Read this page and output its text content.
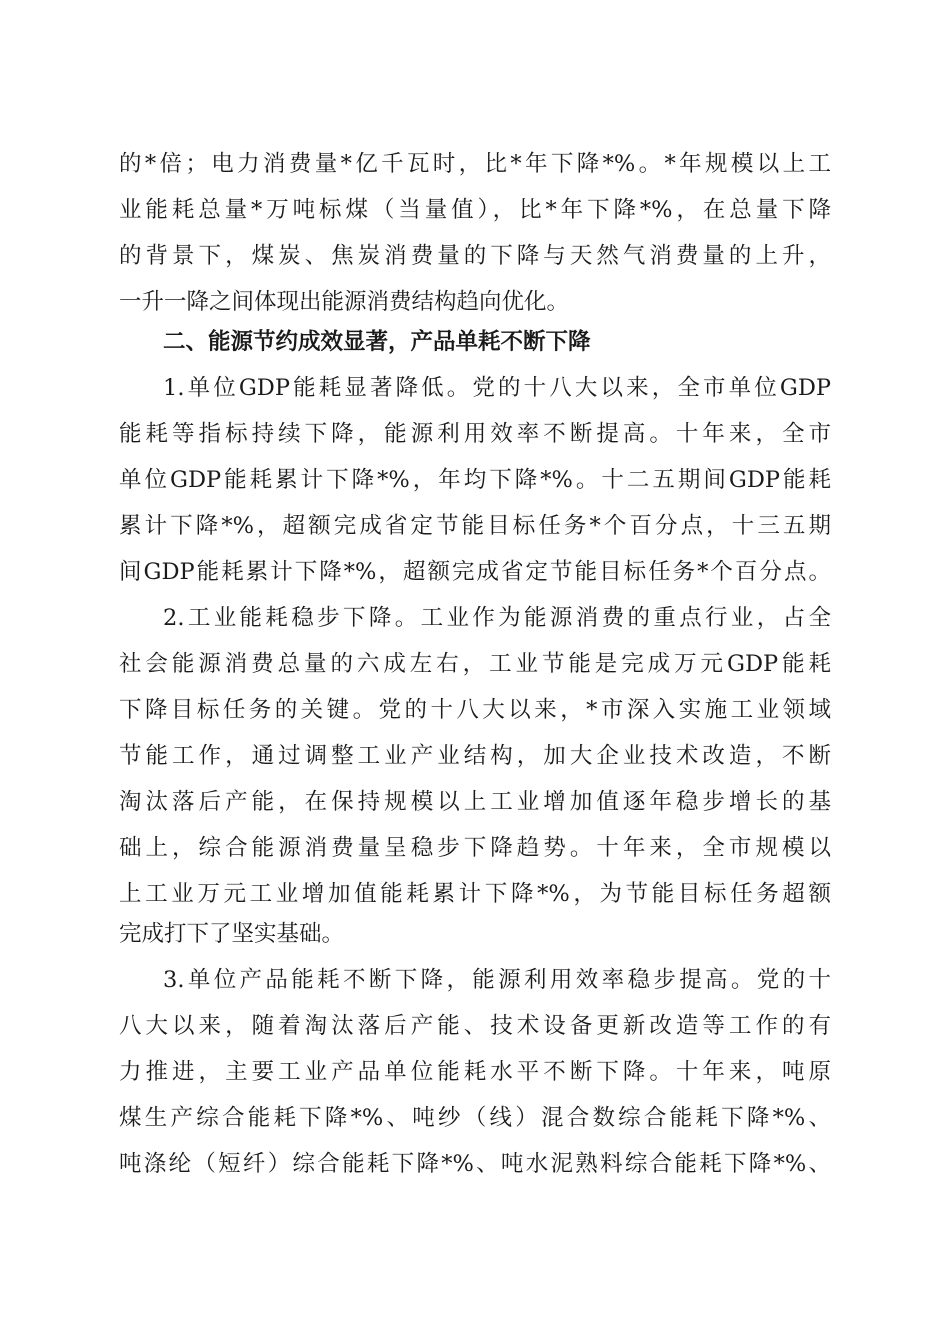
的*倍；电力消费量*亿千瓦时，比*年下降*%。*年规模以上工
业能耗总量*万吨标煤（当量值），比*年下降*%，在总量下降
的背景下，煤炭、焦炭消费量的下降与天然气消费量的上升，
一升一降之间体现出能源消费结构趋向优化。
二、能源节约成效显著，产品单耗不断下降
1.单位GDP能耗显著降低。党的十八大以来，全市单位GDP
能耗等指标持续下降，能源利用效率不断提高。十年来，全市
单位GDP能耗累计下降*%，年均下降*%。十二五期间GDP能耗
累计下降*%，超额完成省定节能目标任务*个百分点，十三五期
间GDP能耗累计下降*%，超额完成省定节能目标任务*个百分点。
2.工业能耗稳步下降。工业作为能源消费的重点行业，占全
社会能源消费总量的六成左右，工业节能是完成万元GDP能耗
下降目标任务的关键。党的十八大以来，*市深入实施工业领域
节能工作，通过调整工业产业结构，加大企业技术改造，不断
淘汰落后产能，在保持规模以上工业增加值逐年稳步增长的基
础上，综合能源消费量呈稳步下降趋势。十年来，全市规模以
上工业万元工业增加值能耗累计下降*%，为节能目标任务超额
完成打下了坚实基础。
3.单位产品能耗不断下降，能源利用效率稳步提高。党的十
八大以来，随着淘汰落后产能、技术设备更新改造等工作的有
力推进，主要工业产品单位能耗水平不断下降。十年来，吨原
煤生产综合能耗下降*%、吨纱（线）混合数综合能耗下降*%、
吨涤纶（短纤）综合能耗下降*%、吨水泥熟料综合能耗下降*%、
